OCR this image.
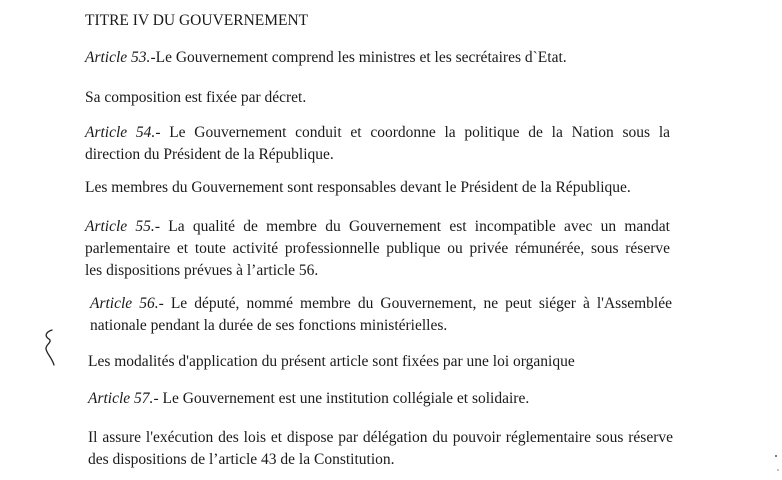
TITRE IV DU GOUVERNEMENT

Article 53.-Le Gouvernement comprend les ministres et les secrétaires d`Etat.

Sa composition est fixée par décret.

Article 54.- Le Gouvernement conduit et coordonne la politique de la Nation sous la
direction du Président de la République.

Les membres du Gouvernement sont responsables devant le Président de la République.

Article 55.- La qualité de membre du Gouvernement est incompatible avec un mandat
parlementaire et toute activité professionnelle publique ou privée rémunérée, sous réserve
les dispositions prévues à l’article 56.
Article 56.- Le député, nommé membre du Gouvernement, ne peut siéger à l'Assemblée
nationale pendant la durée de ses fonctions ministérielles.

Les modalités d'application du présent article sont fixées par une loi organique

Article 57.- Le Gouvernement est une institution collégiale et solidaire.

Il assure l'exécution des lois et dispose par délégation du pouvoir réglementaire sous réserve
des dispositions de l’article 43 de la Constitution.
